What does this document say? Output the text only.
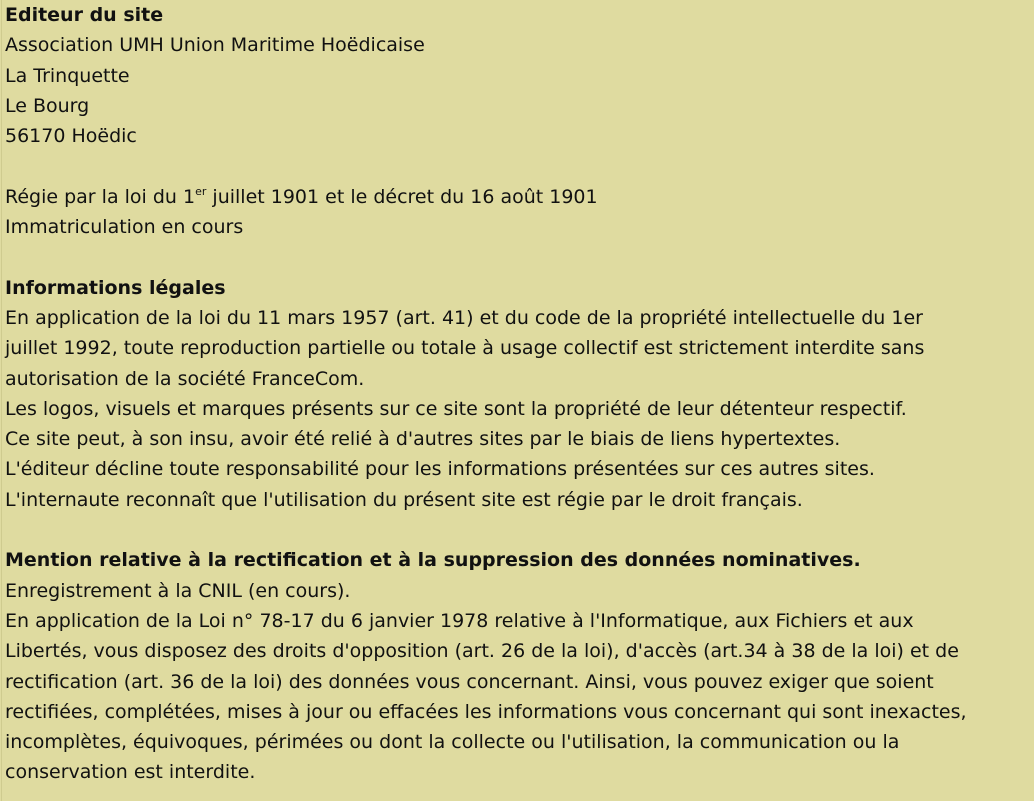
Editeur du site
Association UMH Union Maritime Hoëdicaise
La Trinquette
Le Bourg
56170 Hoëdic
Régie par la loi du 1er juillet 1901 et le décret du 16 août 1901
Immatriculation en cours
Informations légales
En application de la loi du 11 mars 1957 (art. 41) et du code de la propriété intellectuelle du 1er
juillet 1992, toute reproduction partielle ou totale à usage collectif est strictement interdite sans
autorisation de la société FranceCom.
Les logos, visuels et marques présents sur ce site sont la propriété de leur détenteur respectif.
Ce site peut, à son insu, avoir été relié à d'autres sites par le biais de liens hypertextes.
L'éditeur décline toute responsabilité pour les informations présentées sur ces autres sites.
L'internaute reconnaît que l'utilisation du présent site est régie par le droit français.
Mention relative à la rectification et à la suppression des données nominatives.
Enregistrement à la CNIL (en cours).
En application de la Loi n° 78-17 du 6 janvier 1978 relative à l'Informatique, aux Fichiers et aux
Libertés, vous disposez des droits d'opposition (art. 26 de la loi), d'accès (art.34 à 38 de la loi) et de
rectification (art. 36 de la loi) des données vous concernant. Ainsi, vous pouvez exiger que soient
rectifiées, complétées, mises à jour ou effacées les informations vous concernant qui sont inexactes,
incomplètes, équivoques, périmées ou dont la collecte ou l'utilisation, la communication ou la
conservation est interdite.
